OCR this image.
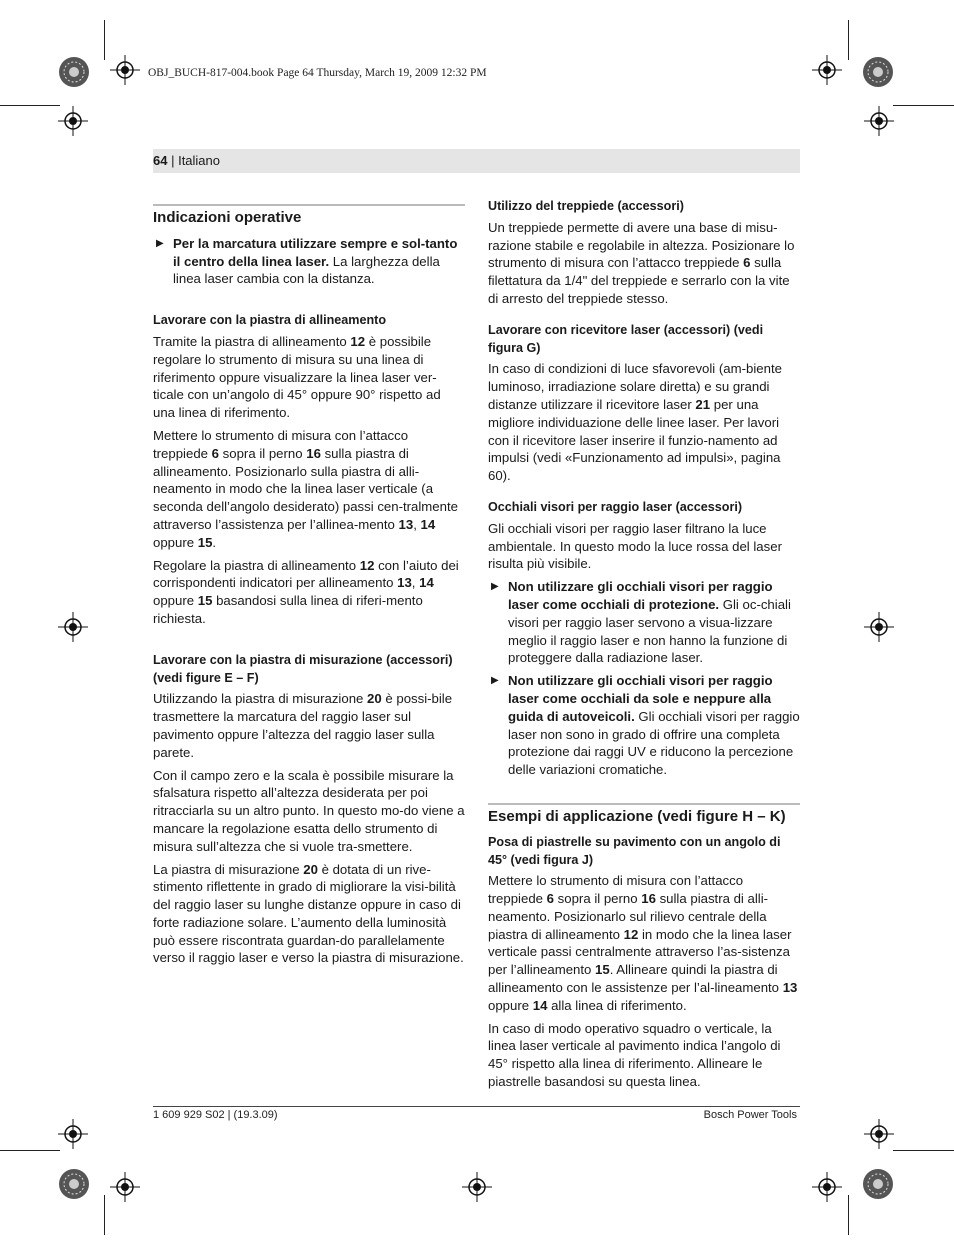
OBJ_BUCH-817-004.book Page 64 Thursday, March 19, 2009 12:32 PM
64 | Italiano
Indicazioni operative
▶ Per la marcatura utilizzare sempre e sol-tanto il centro della linea laser. La larghezza della linea laser cambia con la distanza.
Lavorare con la piastra di allineamento

Tramite la piastra di allineamento 12 è possibile regolare lo strumento di misura su una linea di riferimento oppure visualizzare la linea laser ver-ticale con un’angolo di 45° oppure 90° rispetto ad una linea di riferimento.

Mettere lo strumento di misura con l’attacco treppiede 6 sopra il perno 16 sulla piastra di allineamento. Posizionarlo sulla piastra di alli-neamento in modo che la linea laser verticale (a seconda dell’angolo desiderato) passi cen-tralmente attraverso l’assistenza per l’allinea-mento 13, 14 oppure 15.

Regolare la piastra di allineamento 12 con l’aiuto dei corrispondenti indicatori per allineamento 13, 14 oppure 15 basandosi sulla linea di riferi-mento richiesta.

Lavorare con la piastra di misurazione (accessori) (vedi figure E – F)

Utilizzando la piastra di misurazione 20 è possi-bile trasmettere la marcatura del raggio laser sul pavimento oppure l’altezza del raggio laser sulla parete.

Con il campo zero e la scala è possibile misurare la sfalsatura rispetto all’altezza desiderata per poi ritracciarla su un altro punto. In questo mo-do viene a mancare la regolazione esatta dello strumento di misura sull’altezza che si vuole tra-smettere.

La piastra di misurazione 20 è dotata di un rive-stimento riflettente in grado di migliorare la visi-bilità del raggio laser su lunghe distanze oppure in caso di forte radiazione solare. L’aumento della luminosità può essere riscontrata guardan-do parallelamente verso il raggio laser e verso la piastra di misurazione.

Utilizzo del treppiede (accessori)

Un treppiede permette di avere una base di misu-razione stabile e regolabile in altezza. Posizionare lo strumento di misura con l’attacco treppiede 6 sulla filettatura da 1/4" del treppiede e serrarlo con la vite di arresto del treppiede stesso.

Lavorare con ricevitore laser (accessori) (vedi figura G)

In caso di condizioni di luce sfavorevoli (am-biente luminoso, irradiazione solare diretta) e su grandi distanze utilizzare il ricevitore laser 21 per una migliore individuazione delle linee laser. Per lavori con il ricevitore laser inserire il funzio-namento ad impulsi (vedi «Funzionamento ad impulsi», pagina 60).

Occhiali visori per raggio laser (accessori)

Gli occhiali visori per raggio laser filtrano la luce ambientale. In questo modo la luce rossa del laser risulta più visibile.

▶ Non utilizzare gli occhiali visori per raggio laser come occhiali di protezione. Gli oc-chiali visori per raggio laser servono a visua-lizzare meglio il raggio laser e non hanno la funzione di proteggere dalla radiazione laser.
▶ Non utilizzare gli occhiali visori per raggio laser come occhiali da sole e neppure alla guida di autoveicoli. Gli occhiali visori per raggio laser non sono in grado di offrire una completa protezione dai raggi UV e riducono la percezione delle variazioni cromatiche.
Esempi di applicazione (vedi figure H – K)
Posa di piastrelle su pavimento con un angolo di 45° (vedi figura J)

Mettere lo strumento di misura con l’attacco treppiede 6 sopra il perno 16 sulla piastra di alli-neamento. Posizionarlo sul rilievo centrale della piastra di allineamento 12 in modo che la linea laser verticale passi centralmente attraverso l’as-sistenza per l’allineamento 15. Allineare quindi la piastra di allineamento con le assistenze per l’al-lineamento 13 oppure 14 alla linea di riferimento.

In caso di modo operativo squadro o verticale, la linea laser verticale al pavimento indica l’angolo di 45° rispetto alla linea di riferimento. Allineare le piastrelle basandosi su questa linea.

1 609 929 S02 | (19.3.09)	Bosch Power Tools
